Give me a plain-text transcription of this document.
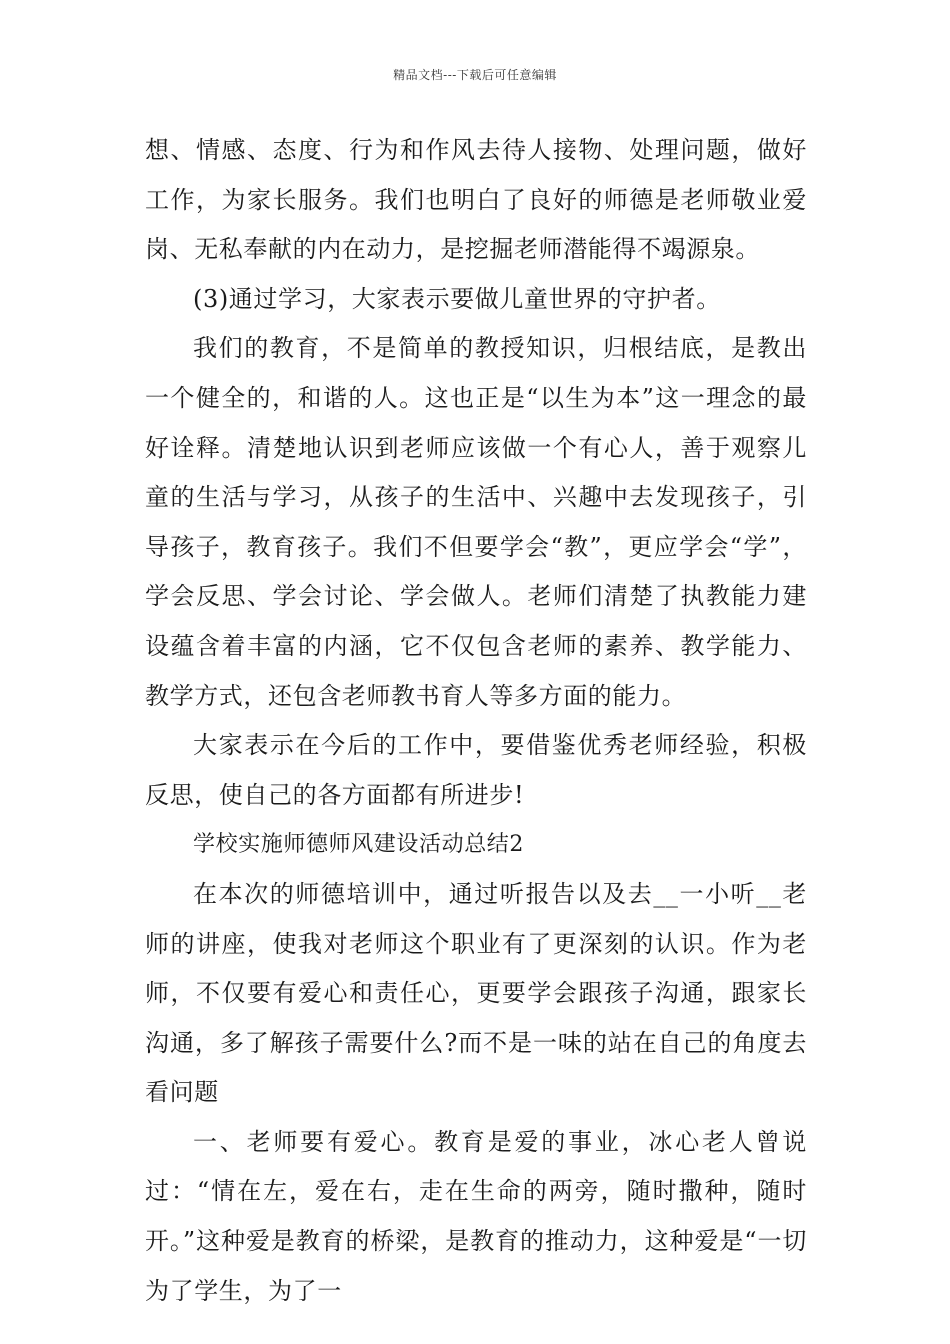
精品文档---下载后可任意编辑

想、情感、态度、行为和作风去待人接物、处理问题，做好工作，为家长服务。我们也明白了良好的师德是老师敬业爱岗、无私奉献的内在动力，是挖掘老师潜能得不竭源泉。

(3)通过学习，大家表示要做儿童世界的守护者。

我们的教育，不是简单的教授知识，归根结底，是教出一个健全的，和谐的人。这也正是“以生为本”这一理念的最好诠释。清楚地认识到老师应该做一个有心人，善于观察儿童的生活与学习，从孩子的生活中、兴趣中去发现孩子，引导孩子，教育孩子。我们不但要学会“教”，更应学会“学”，学会反思、学会讨论、学会做人。老师们清楚了执教能力建设蕴含着丰富的内涵，它不仅包含老师的素养、教学能力、教学方式，还包含老师教书育人等多方面的能力。

大家表示在今后的工作中，要借鉴优秀老师经验，积极反思，使自己的各方面都有所进步!

学校实施师德师风建设活动总结2

在本次的师德培训中，通过听报告以及去__一小听__老师的讲座，使我对老师这个职业有了更深刻的认识。作为老师，不仅要有爱心和责任心，更要学会跟孩子沟通，跟家长沟通，多了解孩子需要什么?而不是一味的站在自己的角度去看问题

一、老师要有爱心。教育是爱的事业，冰心老人曾说过：“情在左，爱在右，走在生命的两旁，随时撒种，随时开。”这种爱是教育的桥梁，是教育的推动力，这种爱是“一切为了学生，为了一
